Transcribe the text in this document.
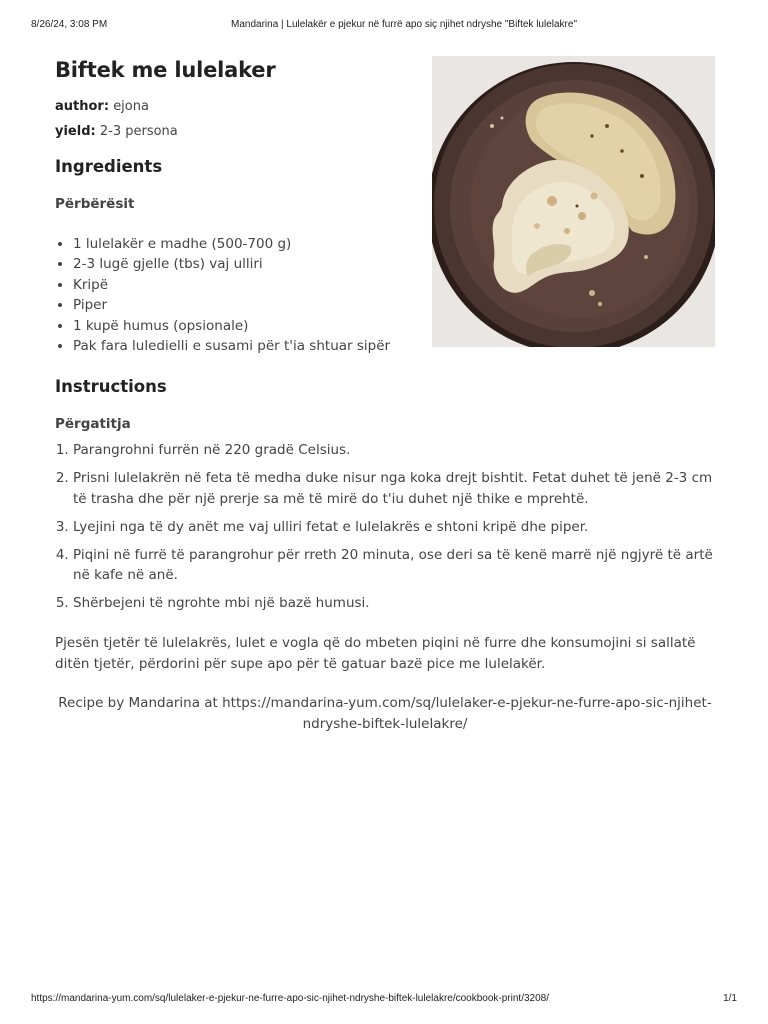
8/26/24, 3:08 PM	Mandarina | Lulelakër e pjekur në furrë apo siç njihet ndryshe "Biftek lulelakre"
Biftek me lulelaker
author: ejona
yield: 2-3 persona
Ingredients
Përbërësit
• 1 lulelakër e madhe (500-700 g)
• 2-3 lugë gjelle (tbs) vaj ulliri
• Kripë
• Piper
• 1 kupë humus (opsionale)
• Pak fara luledielli e susami për t'ia shtuar sipër
Instructions
Përgatitja
1. Parangrohni furrën në 220 gradë Celsius.
2. Prisni lulelakrën në feta të medha duke nisur nga koka drejt bishtit. Fetat duhet të jenë 2-3 cm të trasha dhe për një prerje sa më të mirë do t'iu duhet një thike e mprehtë.
3. Lyejini nga të dy anët me vaj ulliri fetat e lulelakrës e shtoni kripë dhe piper.
4. Piqini në furrë të parangrohur për rreth 20 minuta, ose deri sa të kenë marrë një ngjyrë të artë në kafe në anë.
5. Shërbejeni të ngrohte mbi një bazë humusi.

Pjesën tjetër të lulelakrës, lulet e vogla që do mbeten piqini në furre dhe konsumojini si sallatë ditën tjetër, përdorini për supe apo për të gatuar bazë pice me lulelakër.

Recipe by Mandarina at https://mandarina-yum.com/sq/lulelaker-e-pjekur-ne-furre-apo-sic-njihet-ndryshe-biftek-lulelakre/

https://mandarina-yum.com/sq/lulelaker-e-pjekur-ne-furre-apo-sic-njihet-ndryshe-biftek-lulelakre/cookbook-print/3208/	1/1
